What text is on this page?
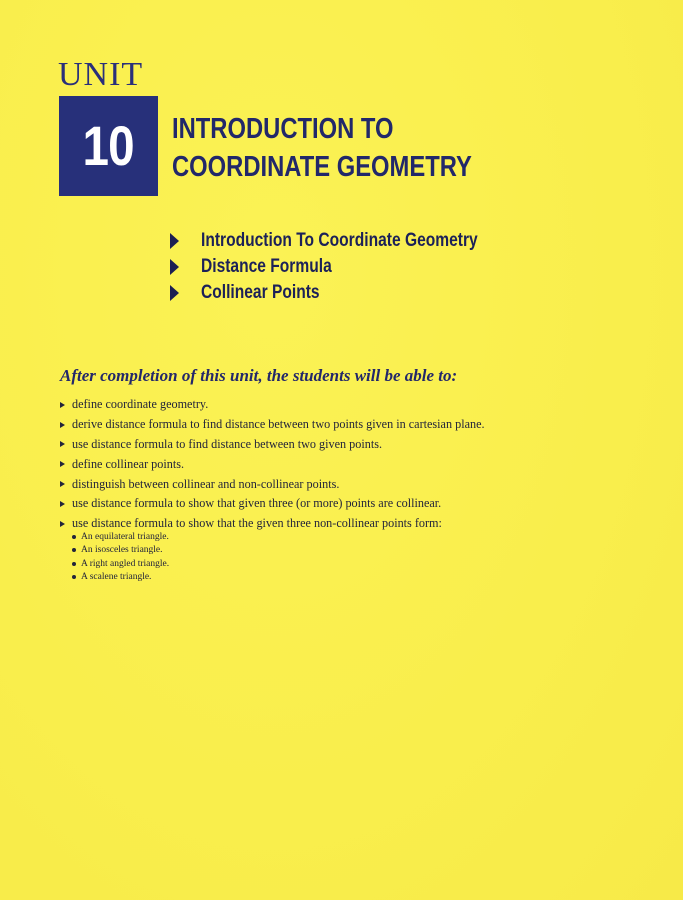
UNIT
10 INTRODUCTION TO
COORDINATE GEOMETRY
Introduction To Coordinate Geometry
Distance Formula
Collinear Points
After completion of this unit, the students will be able to:
define coordinate geometry.
derive distance formula to find distance between two points given in cartesian plane.
use distance formula to find distance between two given points.
define collinear points.
distinguish between collinear and non-collinear points.
use distance formula to show that given three (or more) points are collinear.
use distance formula to show that the given three non-collinear points form:
An equilateral triangle.
An isosceles triangle.
A right angled triangle.
A scalene triangle.
